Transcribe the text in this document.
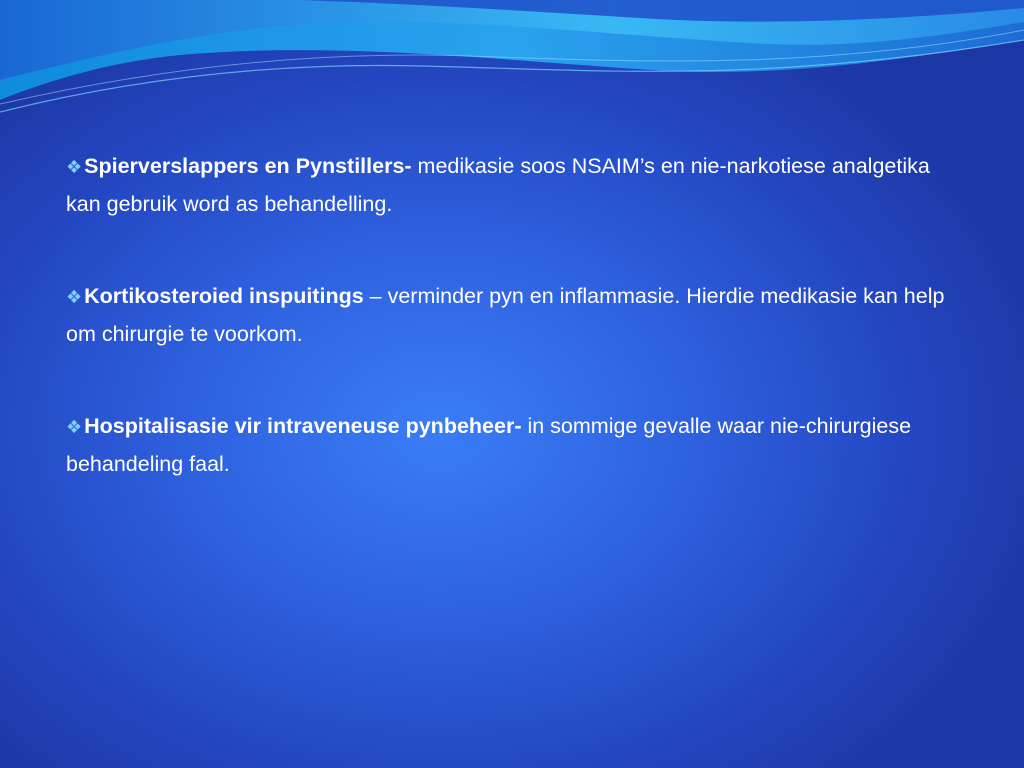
❖Spierverslappers en Pynstillers- medikasie soos NSAIM’s en nie-narkotiese analgetika kan gebruik word as behandelling.

❖Kortikosteroied inspuitings – verminder pyn en inflammasie. Hierdie medikasie kan help om chirurgie te voorkom.

❖Hospitalisasie vir intraveneuse pynbeheer- in sommige gevalle waar nie-chirurgiese behandeling faal.
